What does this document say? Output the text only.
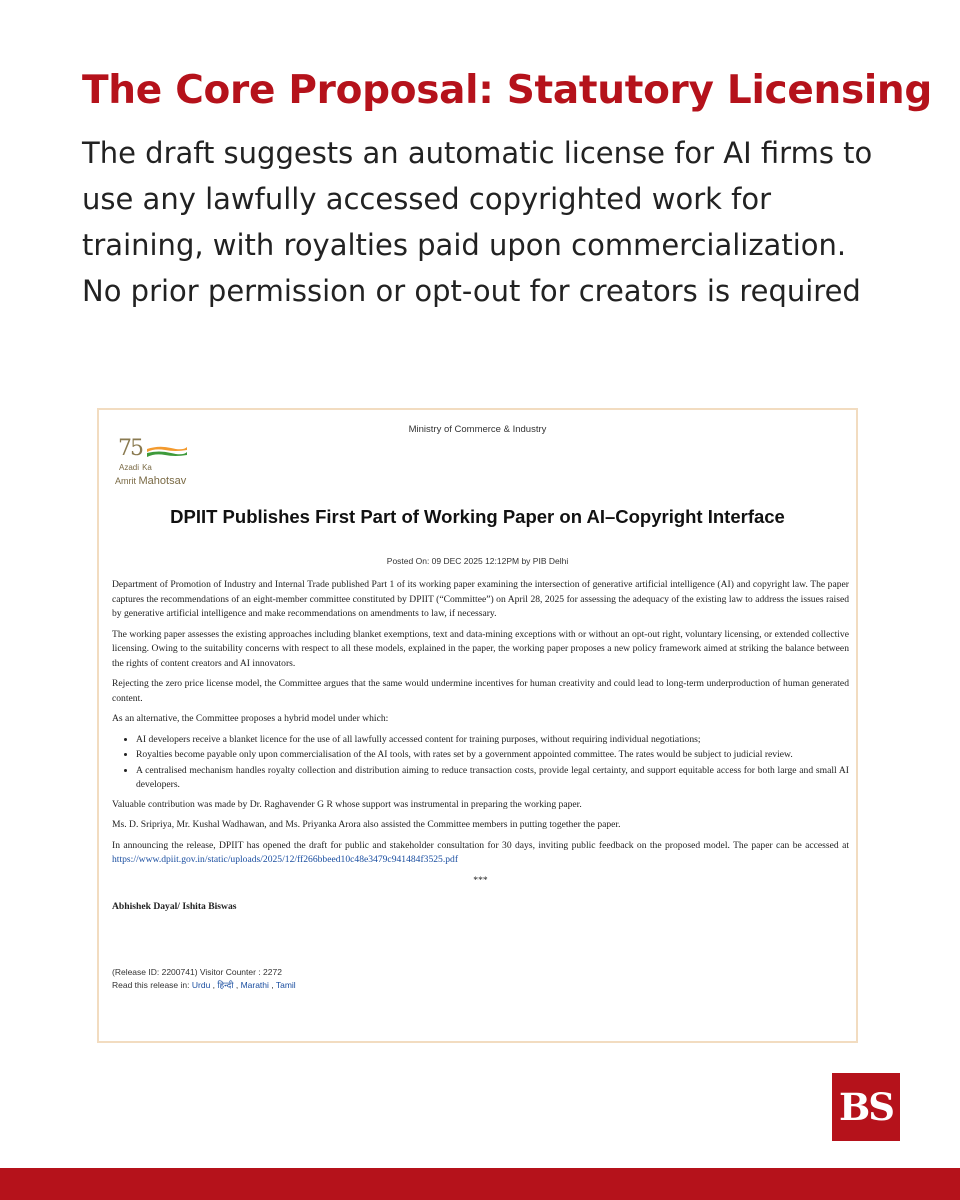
The Core Proposal: Statutory Licensing

The draft suggests an automatic license for AI firms to use any lawfully accessed copyrighted work for training, with royalties paid upon commercialization. No prior permission or opt-out for creators is required

Ministry of Commerce & Industry
75
Azadi Ka
Amrit Mahotsav
DPIIT Publishes First Part of Working Paper on AI–Copyright Interface
Posted On: 09 DEC 2025 12:12PM by PIB Delhi

Department of Promotion of Industry and Internal Trade published Part 1 of its working paper examining the intersection of generative artificial intelligence (AI) and copyright law. The paper captures the recommendations of an eight-member committee constituted by DPIIT (“Committee”) on April 28, 2025 for assessing the adequacy of the existing law to address the issues raised by generative artificial intelligence and make recommendations on amendments to law, if necessary.

The working paper assesses the existing approaches including blanket exemptions, text and data-mining exceptions with or without an opt-out right, voluntary licensing, or extended collective licensing. Owing to the suitability concerns with respect to all these models, explained in the paper, the working paper proposes a new policy framework aimed at striking the balance between the rights of content creators and AI innovators.

Rejecting the zero price license model, the Committee argues that the same would undermine incentives for human creativity and could lead to long-term underproduction of human generated content.

As an alternative, the Committee proposes a hybrid model under which:

• AI developers receive a blanket licence for the use of all lawfully accessed content for training purposes, without requiring individual negotiations;
• Royalties become payable only upon commercialisation of the AI tools, with rates set by a government appointed committee. The rates would be subject to judicial review.
• A centralised mechanism handles royalty collection and distribution aiming to reduce transaction costs, provide legal certainty, and support equitable access for both large and small AI developers.

Valuable contribution was made by Dr. Raghavender G R whose support was instrumental in preparing the working paper.

Ms. D. Sripriya, Mr. Kushal Wadhawan, and Ms. Priyanka Arora also assisted the Committee members in putting together the paper.

In announcing the release, DPIIT has opened the draft for public and stakeholder consultation for 30 days, inviting public feedback on the proposed model. The paper can be accessed at https://www.dpiit.gov.in/static/uploads/2025/12/ff266bbeed10c48e3479c941484f3525.pdf

***
Abhishek Dayal/ Ishita Biswas
(Release ID: 2200741) Visitor Counter : 2272
Read this release in: Urdu , हिन्दी , Marathi , Tamil
BS
